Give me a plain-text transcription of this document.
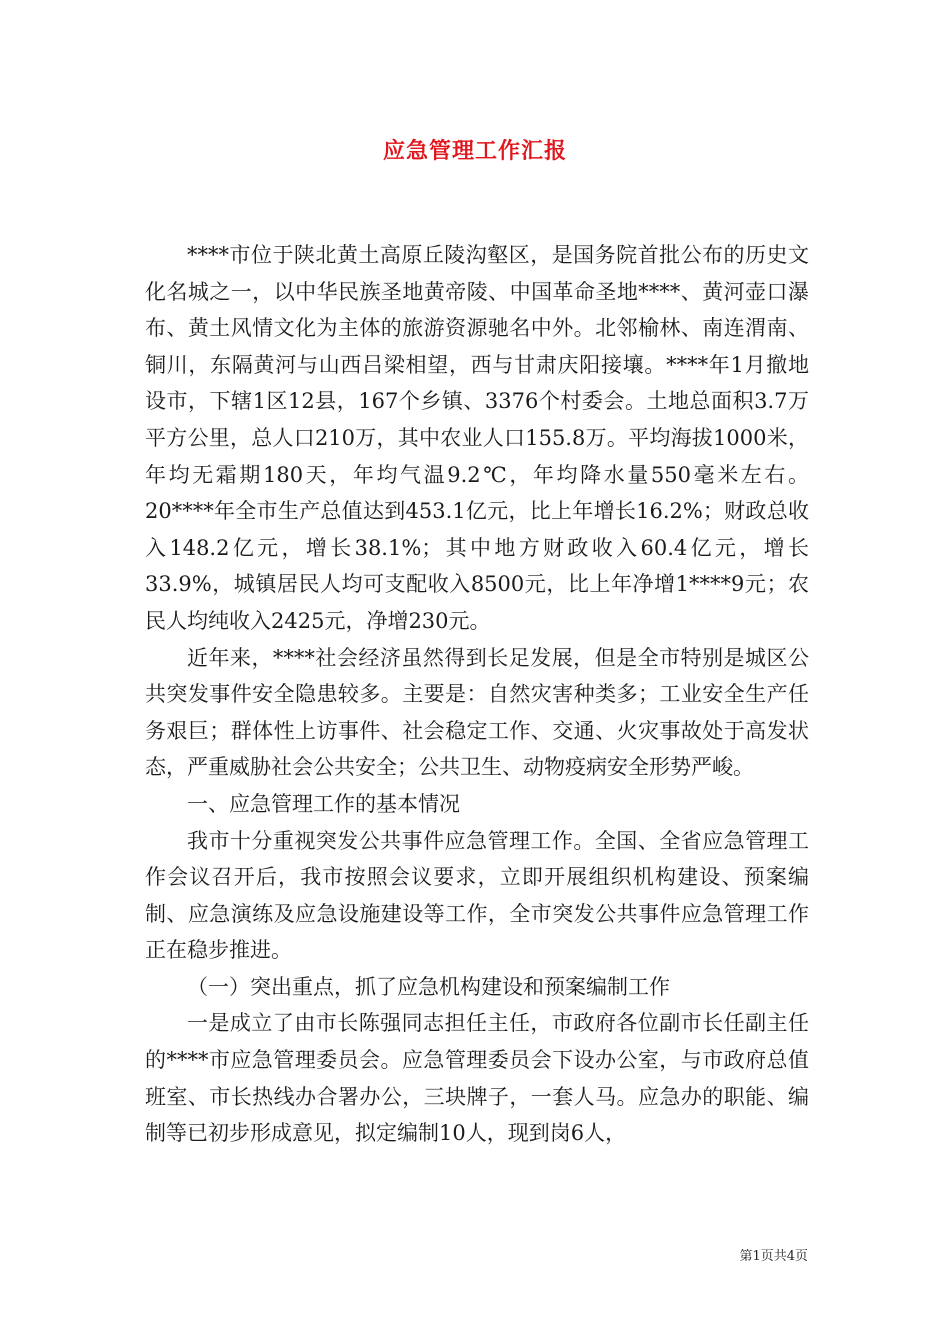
应急管理工作汇报

****市位于陕北黄土高原丘陵沟壑区，是国务院首批公布的历史文化名城之一，以中华民族圣地黄帝陵、中国革命圣地****、黄河壶口瀑布、黄土风情文化为主体的旅游资源驰名中外。北邻榆林、南连渭南、铜川，东隔黄河与山西吕梁相望，西与甘肃庆阳接壤。****年1月撤地设市，下辖1区12县，167个乡镇、3376个村委会。土地总面积3.7万平方公里，总人口210万，其中农业人口155.8万。平均海拔1000米，年均无霜期180天，年均气温9.2℃，年均降水量550毫米左右。20****年全市生产总值达到453.1亿元，比上年增长16.2%；财政总收入148.2亿元，增长38.1%；其中地方财政收入60.4亿元，增长33.9%，城镇居民人均可支配收入8500元，比上年净增1****9元；农民人均纯收入2425元，净增230元。

近年来，****社会经济虽然得到长足发展，但是全市特别是城区公共突发事件安全隐患较多。主要是：自然灾害种类多；工业安全生产任务艰巨；群体性上访事件、社会稳定工作、交通、火灾事故处于高发状态，严重威胁社会公共安全；公共卫生、动物疫病安全形势严峻。

一、应急管理工作的基本情况

我市十分重视突发公共事件应急管理工作。全国、全省应急管理工作会议召开后，我市按照会议要求，立即开展组织机构建设、预案编制、应急演练及应急设施建设等工作，全市突发公共事件应急管理工作正在稳步推进。

（一）突出重点，抓了应急机构建设和预案编制工作

一是成立了由市长陈强同志担任主任，市政府各位副市长任副主任的****市应急管理委员会。应急管理委员会下设办公室，与市政府总值班室、市长热线办合署办公，三块牌子，一套人马。应急办的职能、编制等已初步形成意见，拟定编制10人，现到岗6人，

第1页共4页
